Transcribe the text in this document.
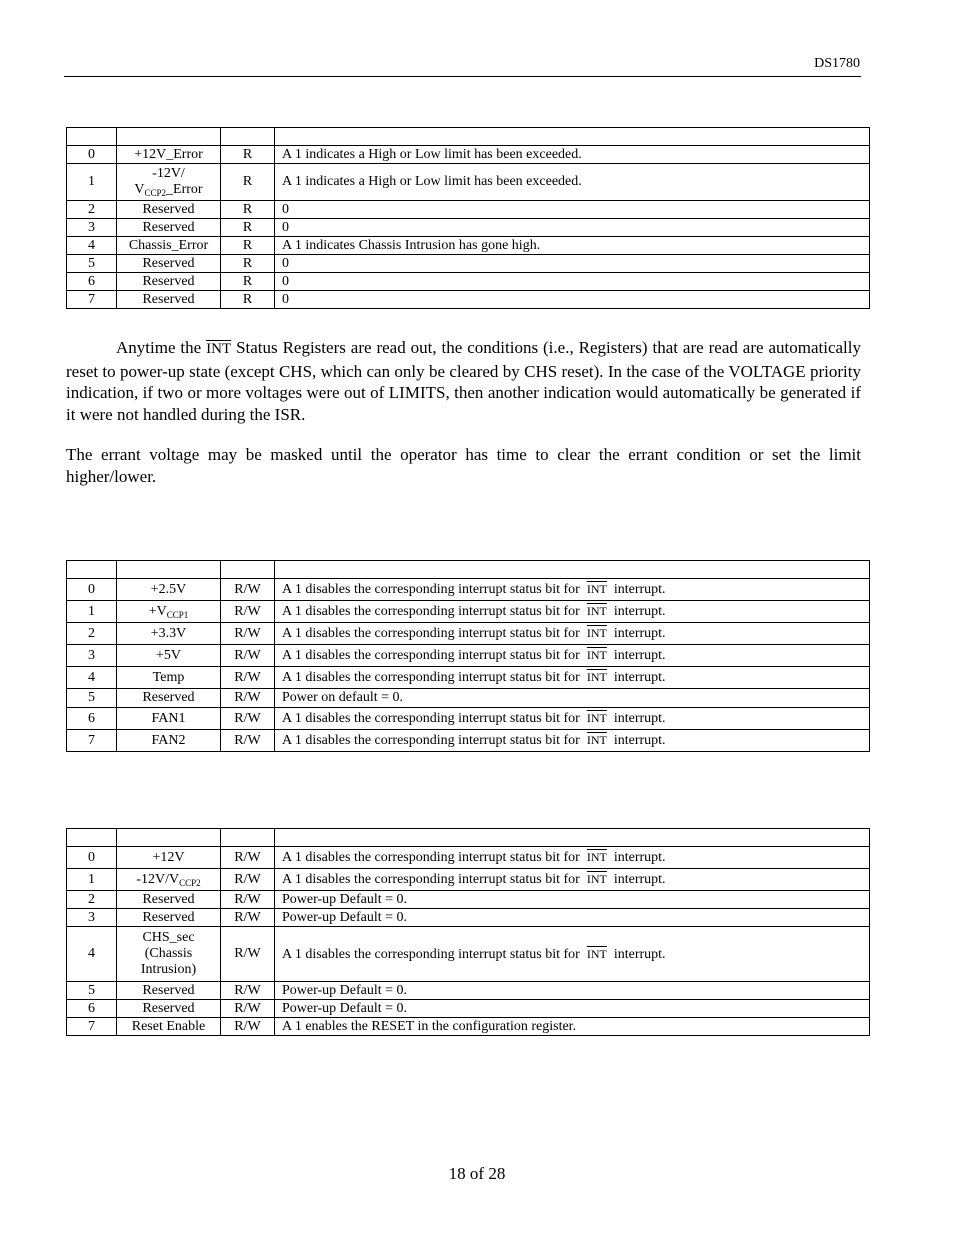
DS1780

0	+12V_Error	R	A 1 indicates a High or Low limit has been exceeded.
1	-12V/
$V_{CCP2}\_Error$	R	A 1 indicates a High or Low limit has been exceeded.
2	Reserved	R	0
3	Reserved	R	0
4	Chassis_Error	R	A 1 indicates Chassis Intrusion has gone high.
5	Reserved	R	0
6	Reserved	R	0
7	Reserved	R	0
Anytime the $\overline{INT}$ Status Registers are read out, the conditions (i.e., Registers) that are read are automatically reset to power-up state (except CHS, which can only be cleared by CHS reset). In the case of the VOLTAGE priority indication, if two or more voltages were out of LIMITS, then another indication would automatically be generated if it were not handled during the ISR.
The errant voltage may be masked until the operator has time to clear the errant condition or set the limit higher/lower.

0	+2.5V	R/W	A 1 disables the corresponding interrupt status bit for $\overline{INT}$ interrupt.
1	$+V_{CCP1}$	R/W	A 1 disables the corresponding interrupt status bit for $\overline{INT}$ interrupt.
2	+3.3V	R/W	A 1 disables the corresponding interrupt status bit for $\overline{INT}$ interrupt.
3	+5V	R/W	A 1 disables the corresponding interrupt status bit for $\overline{INT}$ interrupt.
4	Temp	R/W	A 1 disables the corresponding interrupt status bit for $\overline{INT}$ interrupt.
5	Reserved	R/W	Power on default = 0.
6	FAN1	R/W	A 1 disables the corresponding interrupt status bit for $\overline{INT}$ interrupt.
7	FAN2	R/W	A 1 disables the corresponding interrupt status bit for $\overline{INT}$ interrupt.

0	+12V	R/W	A 1 disables the corresponding interrupt status bit for $\overline{INT}$ interrupt.
1	$-12V/V_{CCP2}$	R/W	A 1 disables the corresponding interrupt status bit for $\overline{INT}$ interrupt.
2	Reserved	R/W	Power-up Default = 0.
3	Reserved	R/W	Power-up Default = 0.
4	CHS_sec
(Chassis
Intrusion)	R/W	A 1 disables the corresponding interrupt status bit for $\overline{INT}$ interrupt.
5	Reserved	R/W	Power-up Default = 0.
6	Reserved	R/W	Power-up Default = 0.
7	Reset Enable	R/W	A 1 enables the RESET in the configuration register.
18 of 28
